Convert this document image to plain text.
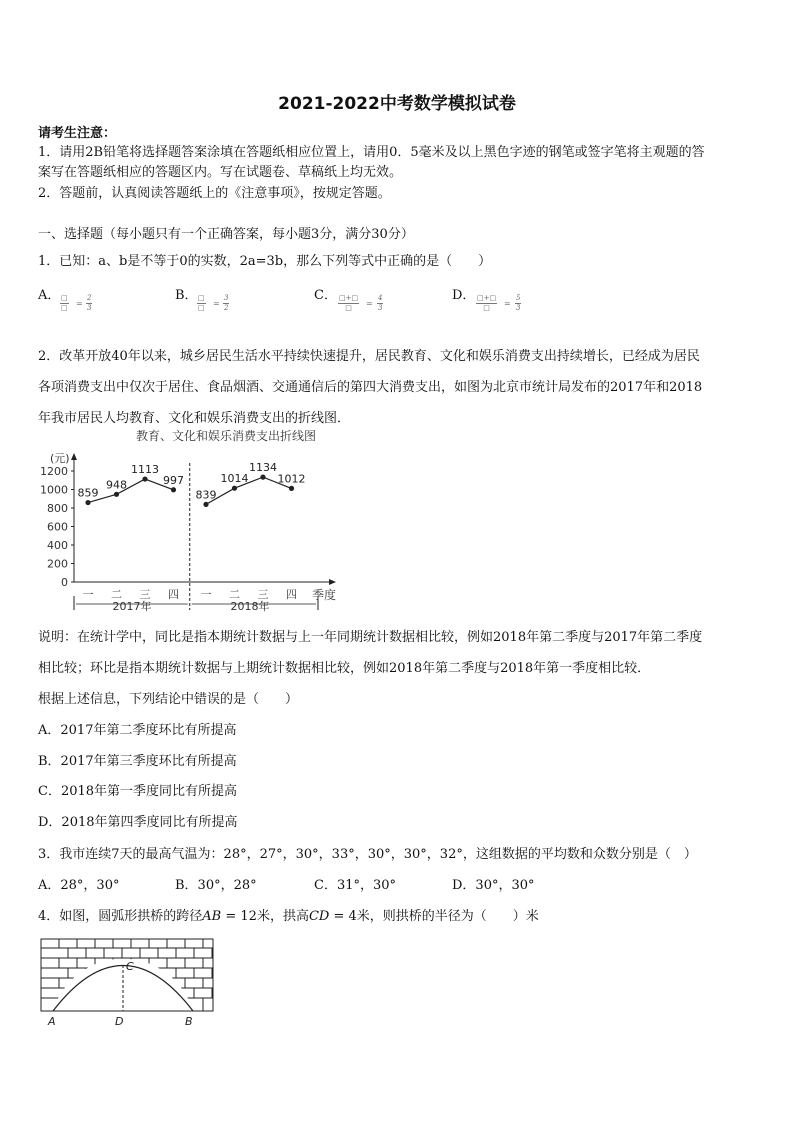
2021-2022中考数学模拟试卷
请考生注意：
1．请用2B铅笔将选择题答案涂填在答题纸相应位置上，请用0．5毫米及以上黑色字迹的钢笔或签字笔将主观题的答
案写在答题纸相应的答题区内。写在试题卷、草稿纸上均无效。
2．答题前，认真阅读答题纸上的《注意事项》，按规定答题。
一、选择题（每小题只有一个正确答案，每小题3分，满分30分）
1．已知：a、b是不等于0的实数，2a=3b，那么下列等式中正确的是（　　）
A． □
□ = $\frac{2}{3}$	B． □
□ = $\frac{3}{2}$	C． □+□
□	= $\frac{4}{3}$	D． □+□
□	= $\frac{5}{3}$
2．改革开放40年以来，城乡居民生活水平持续快速提升，居民教育、文化和娱乐消费支出持续增长，已经成为居民
各项消费支出中仅次于居住、食品烟酒、交通通信后的第四大消费支出，如图为北京市统计局发布的2017年和2018
年我市居民人均教育、文化和娱乐消费支出的折线图．
教育、文化和娱乐消费支出折线图
(元)
0
200
400
600
800
1000
1200
859
948
1113
997
839
1014
1134
1012
一 二 三 四 一 二 三 四 季度
2017年	2018年
说明：在统计学中，同比是指本期统计数据与上一年同期统计数据相比较，例如2018年第二季度与2017年第二季度
相比较；环比是指本期统计数据与上期统计数据相比较，例如2018年第二季度与2018年第一季度相比较．
根据上述信息，下列结论中错误的是（　　）
A．2017年第二季度环比有所提高
B．2017年第三季度环比有所提高
C．2018年第一季度同比有所提高
D．2018年第四季度同比有所提高
3．我市连续7天的最高气温为：28°，27°，30°，33°，30°，30°，32°，这组数据的平均数和众数分别是（　）
A．28°，30°	B．30°，28°	C．31°，30°	D．30°，30°
4．如图，圆弧形拱桥的跨径AB = 12米，拱高CD = 4米，则拱桥的半径为（　　）米
C
A	D	B
